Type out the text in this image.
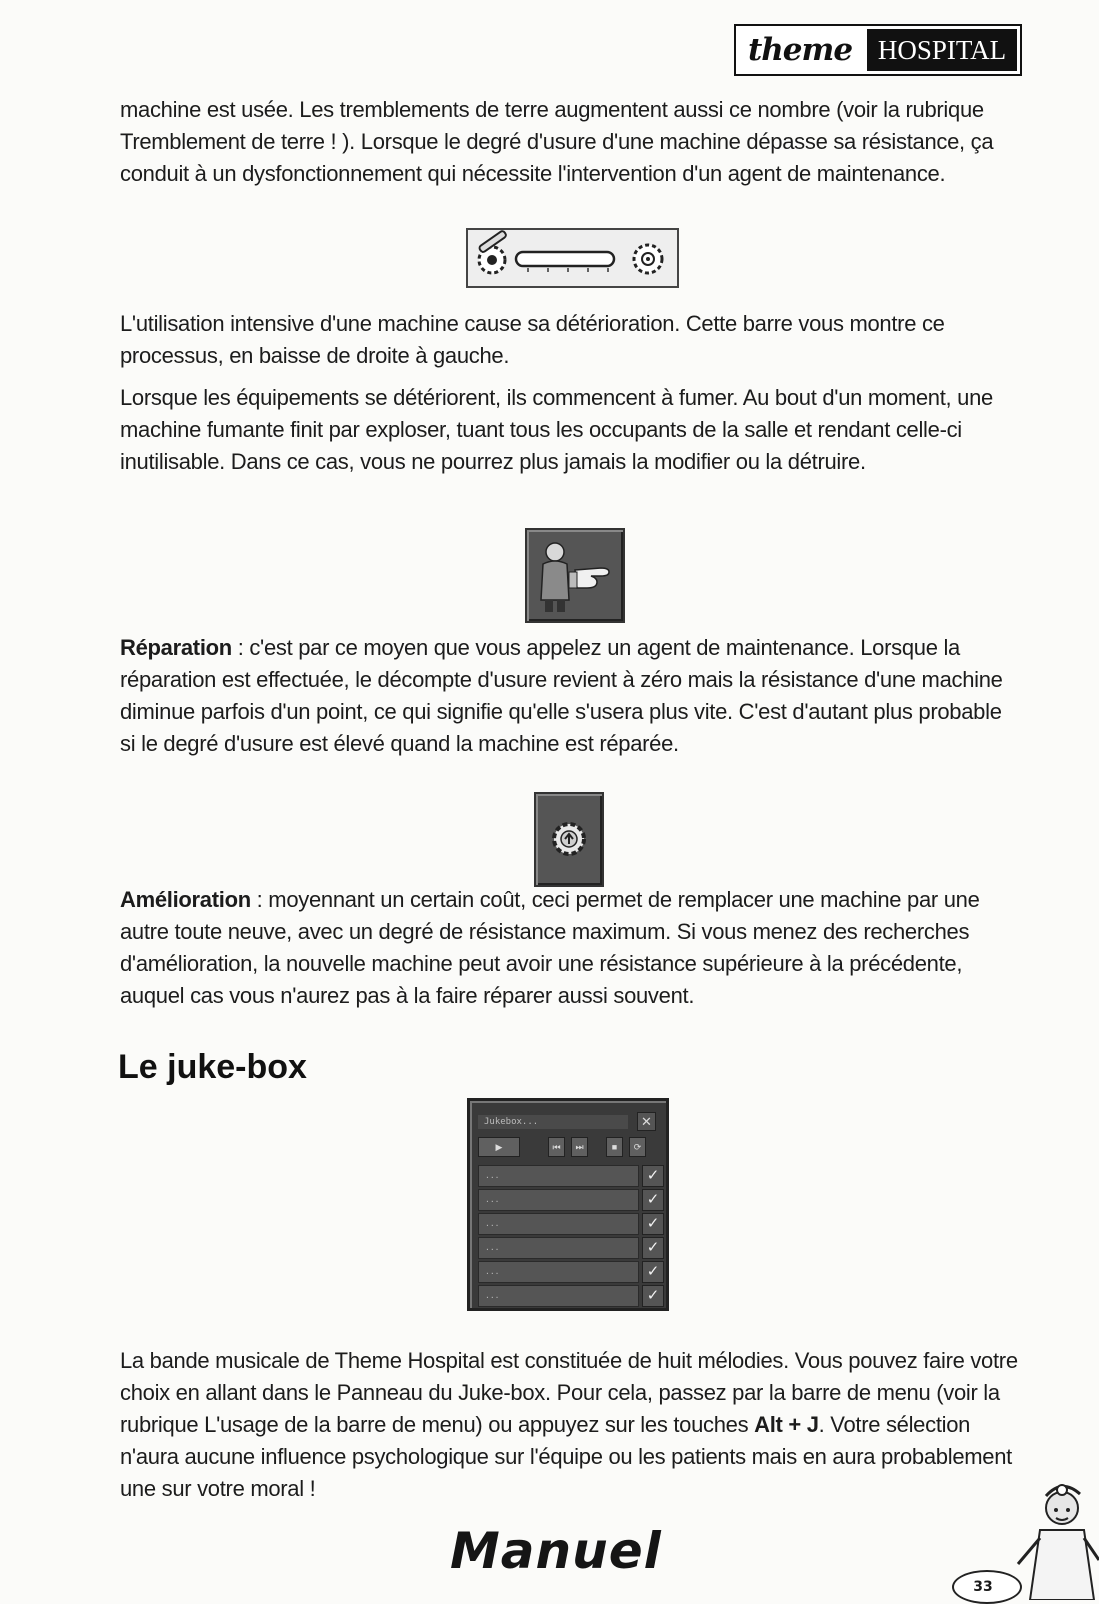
theme HOSPITAL

machine est usée. Les tremblements de terre augmentent aussi ce nombre (voir la rubrique Tremblement de terre ! ). Lorsque le degré d'usure d'une machine dépasse sa résistance, ça conduit à un dysfonctionnement qui nécessite l'intervention d'un agent de maintenance.

L'utilisation intensive d'une machine cause sa détérioration. Cette barre vous montre ce processus, en baisse de droite à gauche.

Lorsque les équipements se détériorent, ils commencent à fumer. Au bout d'un moment, une machine fumante finit par exploser, tuant tous les occupants de la salle et rendant celle-ci inutilisable. Dans ce cas, vous ne pourrez plus jamais la modifier ou la détruire.

Réparation : c'est par ce moyen que vous appelez un agent de maintenance. Lorsque la réparation est effectuée, le décompte d'usure revient à zéro mais la résistance d'une machine diminue parfois d'un point, ce qui signifie qu'elle s'usera plus vite. C'est d'autant plus probable si le degré d'usure est élevé quand la machine est réparée.

Amélioration : moyennant un certain coût, ceci permet de remplacer une machine par une autre toute neuve, avec un degré de résistance maximum. Si vous menez des recherches d'amélioration, la nouvelle machine peut avoir une résistance supérieure à la précédente, auquel cas vous n'aurez pas à la faire réparer aussi souvent.

Le juke-box
Jukebox...	✕
▶	⏮	⏭	■	⟳
...	✓
...	✓
...	✓
...	✓
...	✓
...	✓

La bande musicale de Theme Hospital est constituée de huit mélodies. Vous pouvez faire votre choix en allant dans le Panneau du Juke-box. Pour cela, passez par la barre de menu (voir la rubrique L'usage de la barre de menu) ou appuyez sur les touches Alt + J. Votre sélection n'aura aucune influence psychologique sur l'équipe ou les patients mais en aura probablement une sur votre moral !

Manuel
33
